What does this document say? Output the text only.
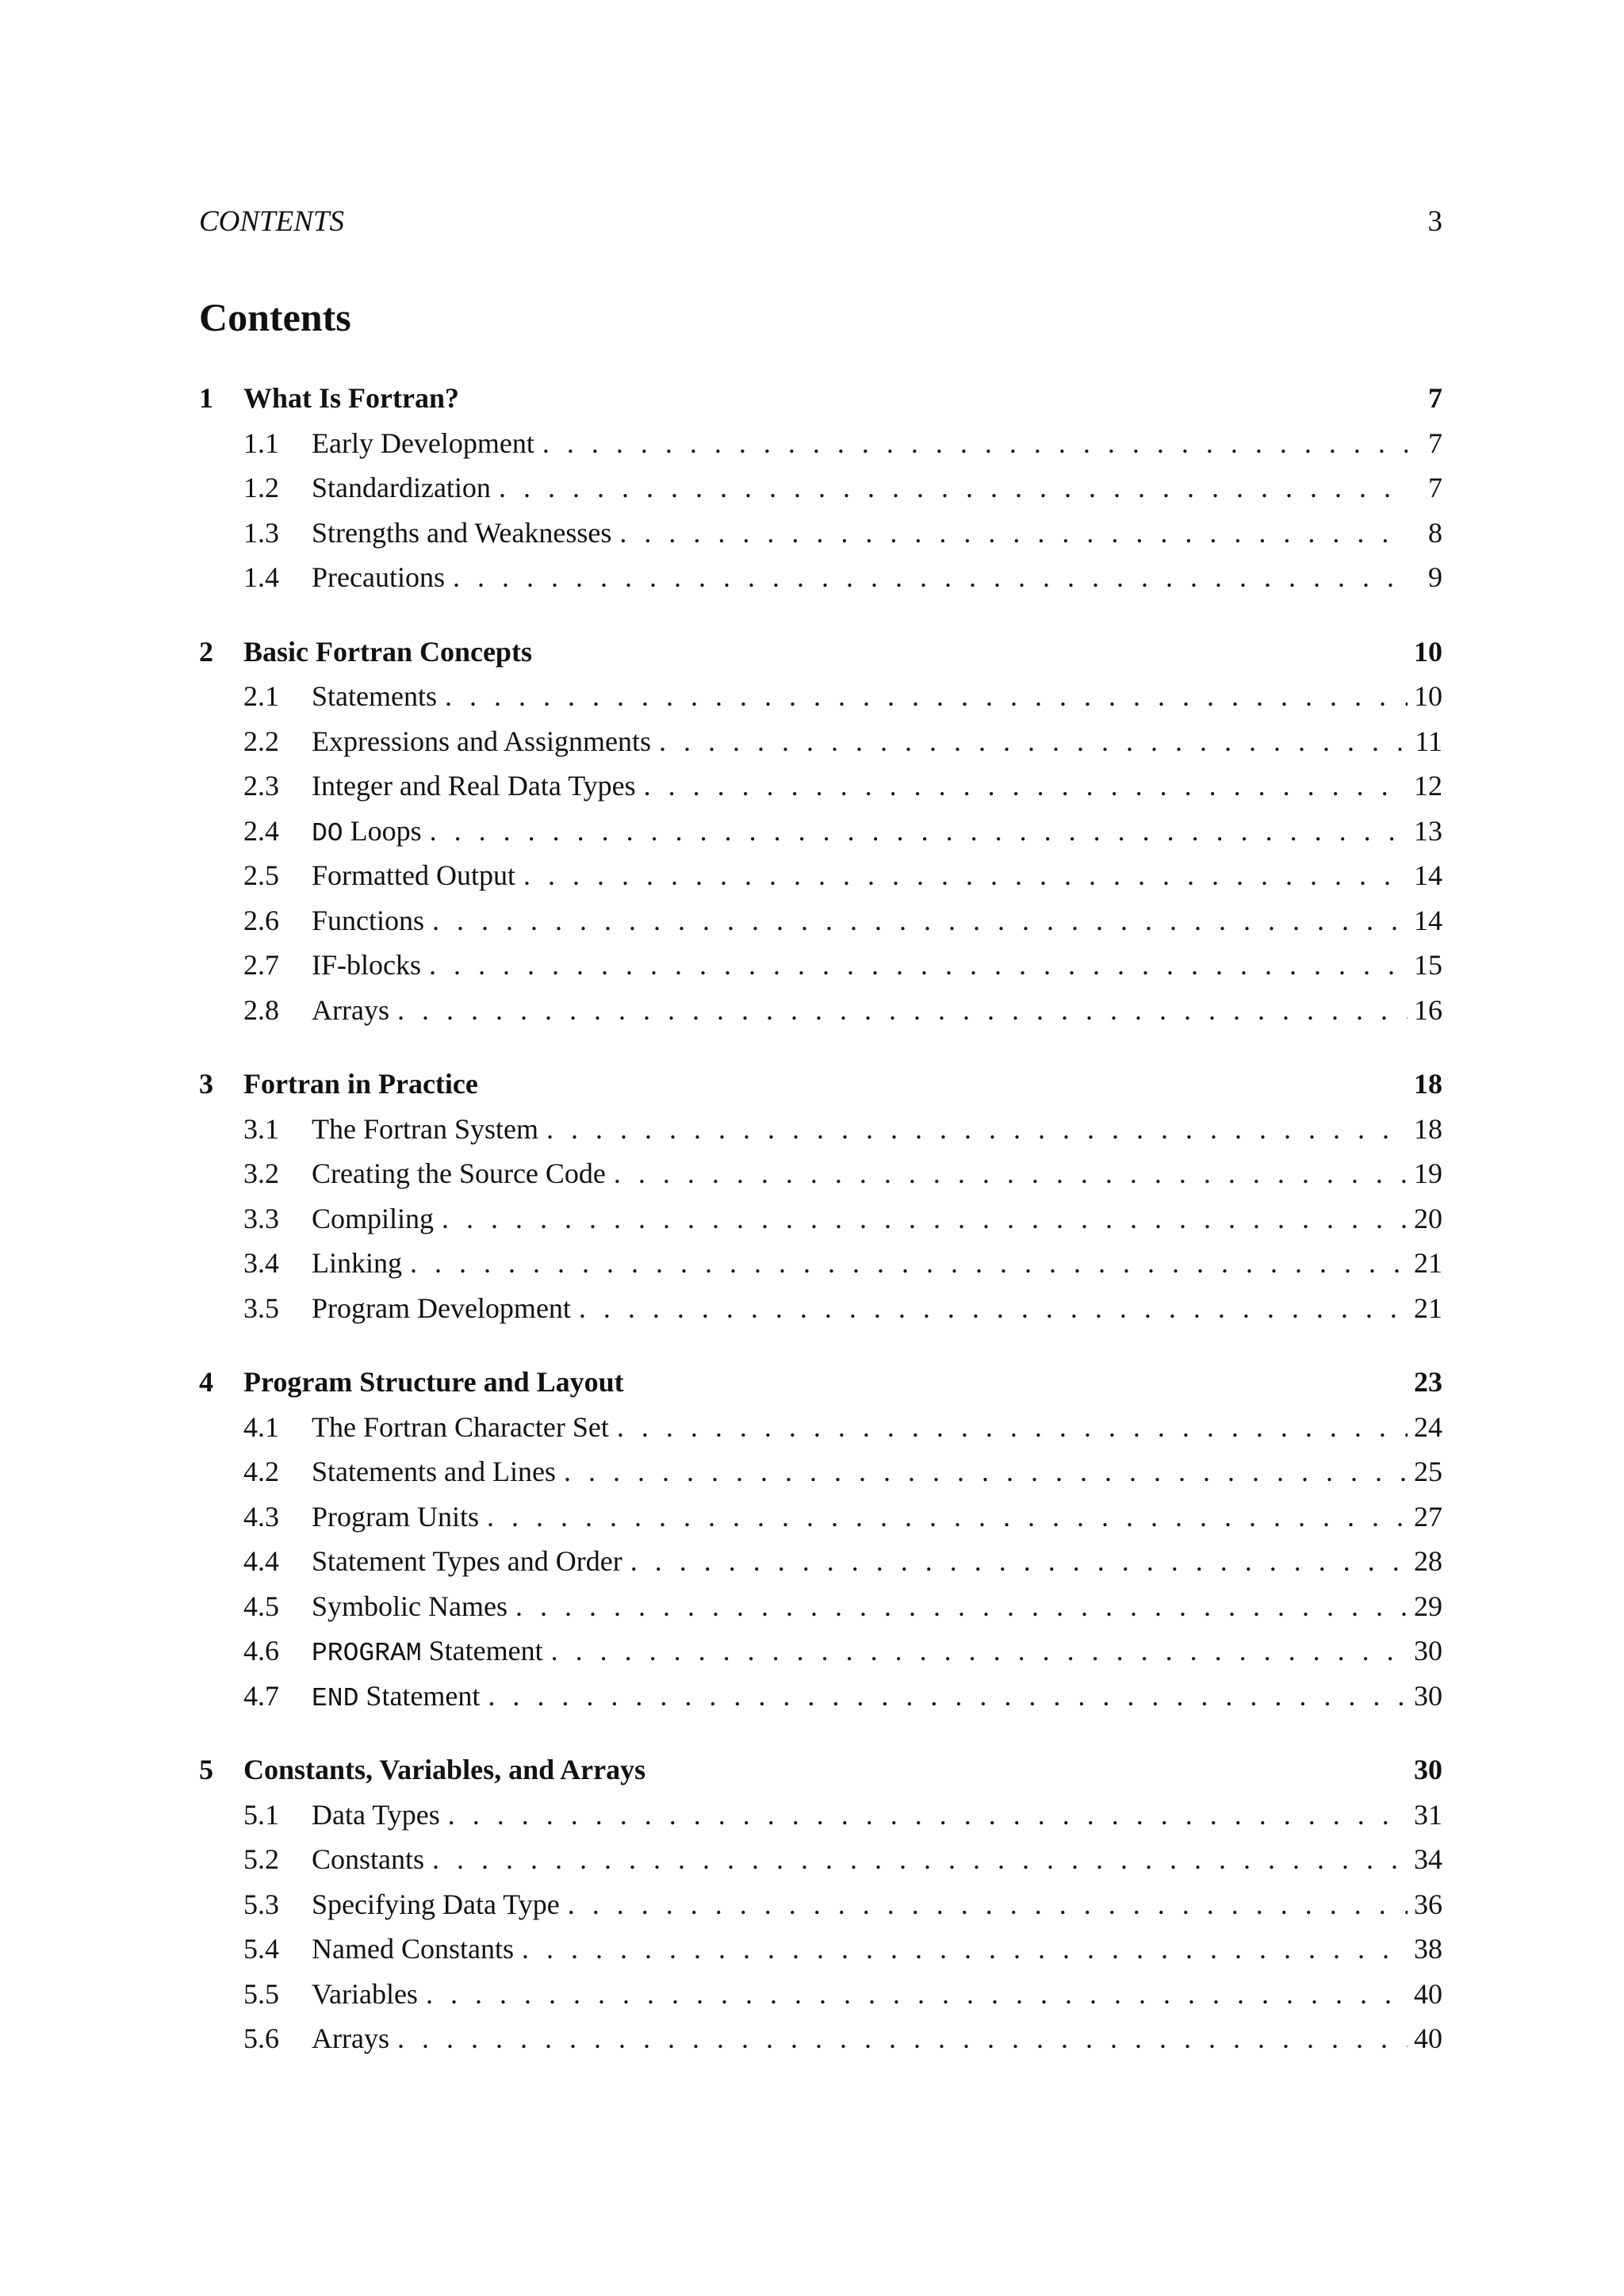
CONTENTS	3
Contents
1	What Is Fortran?	7
1.1	Early Development . . .	7
1.2	Standardization . . .	7
1.3	Strengths and Weaknesses . . .	8
1.4	Precautions . . .	9
2	Basic Fortran Concepts	10
2.1	Statements . . .	10
2.2	Expressions and Assignments . . .	11
2.3	Integer and Real Data Types . . .	12
2.4	DO Loops . . .	13
2.5	Formatted Output . . .	14
2.6	Functions . . .	14
2.7	IF-blocks . . .	15
2.8	Arrays . . .	16
3	Fortran in Practice	18
3.1	The Fortran System . . .	18
3.2	Creating the Source Code . . .	19
3.3	Compiling . . .	20
3.4	Linking . . .	21
3.5	Program Development . . .	21
4	Program Structure and Layout	23
4.1	The Fortran Character Set . . .	24
4.2	Statements and Lines . . .	25
4.3	Program Units . . .	27
4.4	Statement Types and Order . . .	28
4.5	Symbolic Names . . .	29
4.6	PROGRAM Statement . . .	30
4.7	END Statement . . .	30
5	Constants, Variables, and Arrays	30
5.1	Data Types . . .	31
5.2	Constants . . .	34
5.3	Specifying Data Type . . .	36
5.4	Named Constants . . .	38
5.5	Variables . . .	40
5.6	Arrays . . .	40
